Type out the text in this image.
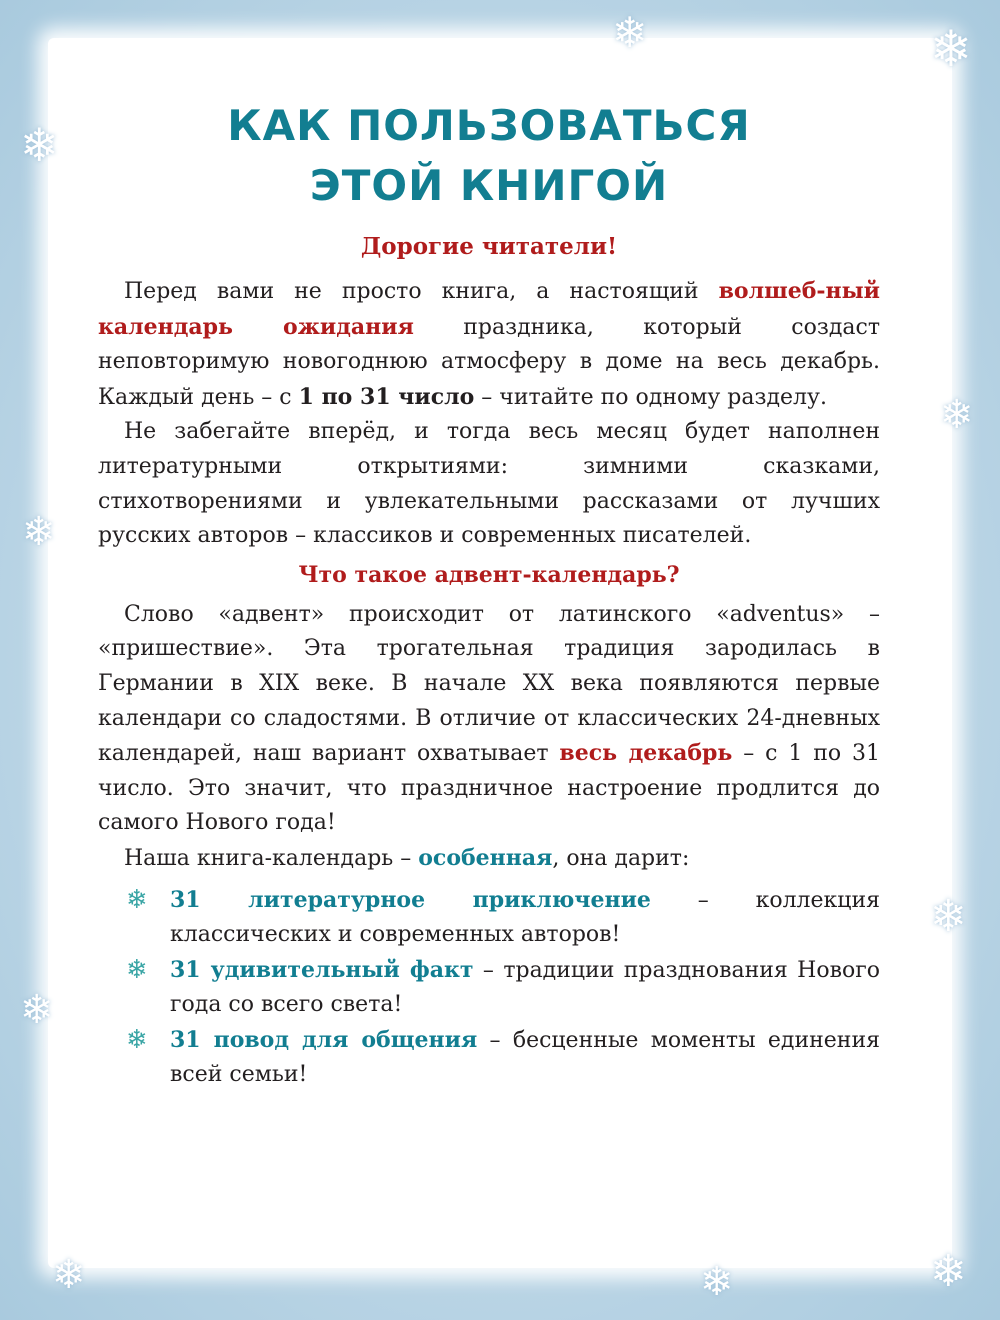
❄	❄
❄
❄
❄
❄
❄
❄	❄	❄
КАК ПОЛЬЗОВАТЬСЯ
ЭТОЙ КНИГОЙ
Дорогие читатели!

Перед вами не просто книга, а настоящий волшеб-ный календарь ожидания праздника, который создаст неповторимую новогоднюю атмосферу в доме на весь декабрь. Каждый день – с 1 по 31 число – читайте по одному разделу.

Не забегайте вперёд, и тогда весь месяц будет наполнен литературными открытиями: зимними сказками, стихотворениями и увлекательными рассказами от лучших русских авторов – классиков и современных писателей.

Что такое адвент-календарь?

Слово «адвент» происходит от латинского «adventus» – «пришествие». Эта трогательная традиция зародилась в Германии в XIX веке. В начале XX века появляются первые календари со сладостями. В отличие от классических 24-дневных календарей, наш вариант охватывает весь декабрь – с 1 по 31 число. Это значит, что праздничное настроение продлится до самого Нового года!

Наша книга-календарь – особенная, она дарит:

❄ 31 литературное приключение – коллекция классических и современных авторов!
❄ 31 удивительный факт – традиции празднования Нового года со всего света!
❄ 31 повод для общения – бесценные моменты единения всей семьи!
